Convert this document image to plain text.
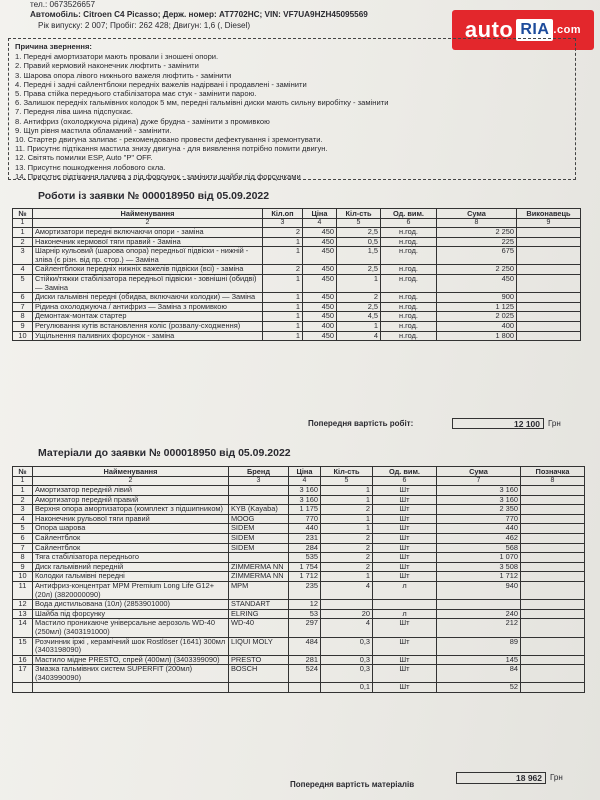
тел.: 0673526657
Автомобіль: Citroen C4 Picasso; Держ. номер: АТ7702НС; VIN: VF7UA9HZH45095569
Рік випуску: 2 007; Пробіг: 262 428; Двигун: 1,6 (, Diesel)	auto RIA .com
Причина звернення:
1. Передні амортизатори мають провали і зношені опори.
2. Правий кермовий наконечник люфтить - замінити
3. Шарова опора лівого нижнього важеля люфтить - замінити
4. Передні і задні сайлентблоки передніх важелів надірвані і продавлені - замінити
5. Права стійка переднього стабілізатора має стук - замінити парою.
6. Залишок передніх гальмівних колодок 5 мм, передні гальмівні диски мають сильну виробітку - замінити
7. Передня ліва шина підспускає.
8. Антифриз (охолоджуюча рідина) дуже брудна - замінити з промивкою
9. Щуп рівня мастила обламаний - замінити.
10. Стартер двигуна залипає - рекомендовано провести дефектування і зремонтувати.
11. Присутнє підтікання мастила знизу двигуна - для виявлення потрібно помити двигун.
12. Світять помилки ESP, Auto "P" OFF.
13. Присутнє пошкодження лобового скла.
14. Присутнє підтікання палива з під форсунок - замінити шайби під форсунками
Роботи із заявки № 000018950 від 05.09.2022
№	Найменування	Кіл.оп	Ціна	Кіл-сть	Од. вим.	Сума	Виконавець
1	2	3	4	5	6	8	9
1	Амортизатори передні включаючи опори - заміна	2	450	2,5	н.год.	2 250	
2	Наконечник кермової тяги правий - Заміна	1	450	0,5	н.год.	225	
3	Шарнір кульовий (шарова опора) передньої підвіски - нижній - зліва (є різн. від пр. стор.) — Заміна	1	450	1,5	н.год.	675	
4	Сайлентблоки передніх нижніх важелів підвіски (всі) - заміна	2	450	2,5	н.год.	2 250	
5	Стійки/тяжки стабілізатора передньої підвіски - зовнішні (обидві) — Заміна	1	450	1	н.год.	450	
6	Диски гальмівні передні (обидва, включаючи колодки) — Заміна	1	450	2	н.год.	900	
7	Рідина охолоджуюча / антифриз — Заміна з промивкою	1	450	2,5	н.год.	1 125	
8	Демонтаж-монтаж стартер	1	450	4,5	н.год.	2 025	
9	Регулювання кутів встановлення коліс (розвалу-сходження)	1	400	1	н.год.	400	
10	Ущільнення паливних форсунок - заміна	1	450	4	н.год.	1 800	
Попередня вартість робіт:	12 100	Грн
Матеріали до заявки № 000018950 від 05.09.2022
№	Найменування	Бренд	Ціна	Кіл-сть	Од. вим.	Сума	Позначка
1	2	3	4	5	6	7	8
1	Амортизатор передній лівий		3 160	1	Шт	3 160	
2	Амортизатор передній правий		3 160	1	Шт	3 160	
3	Верхня опора амортизатора (комплект з підшипником)	KYB (Kayaba)	1 175	2	Шт	2 350	
4	Наконечник рульової тяги правий	MOOG	770	1	Шт	770	
5	Опора шарова	SIDEM	440	1	Шт	440	
6	Сайлентблок	SIDEM	231	2	Шт	462	
7	Сайлентблок	SIDEM	284	2	Шт	568	
8	Тяга стабілізатора переднього		535	2	Шт	1 070	
9	Диск гальмівний передній	ZIMMERMA NN	1 754	2	Шт	3 508	
10	Колодки гальмівні передні	ZIMMERMA NN	1 712	1	Шт	1 712	
11	Антифриз-концентрат MPM Premium Long Life G12+ (20л) (3820000090)	MPM	235	4	л	940	
12	Вода дистильована (10л) (2853901000)	STANDART	12				
13	Шайба під форсунку	ELRING	53	20	л	240	
14	Мастило проникаюче універсальне аерозоль WD-40 (250мл) (3403191000)	WD-40	297	4	Шт	212	
15	Розчинник іржі , керамічний шок Rostlöser (1641) 300мл (3403198090)	LIQUI MOLY	484	0,3	Шт	89	
16	Мастило мідне PRESTO, спрей (400мл) (3403399090)	PRESTO	281	0,3	Шт	145	
17	Змазка гальмівних систем SUPERFIT (200мл) (3403990090)	BOSCH	524	0,3	Шт	84	
				0,1	Шт	52	
Попередня вартість матеріалів
18 962	Грн
